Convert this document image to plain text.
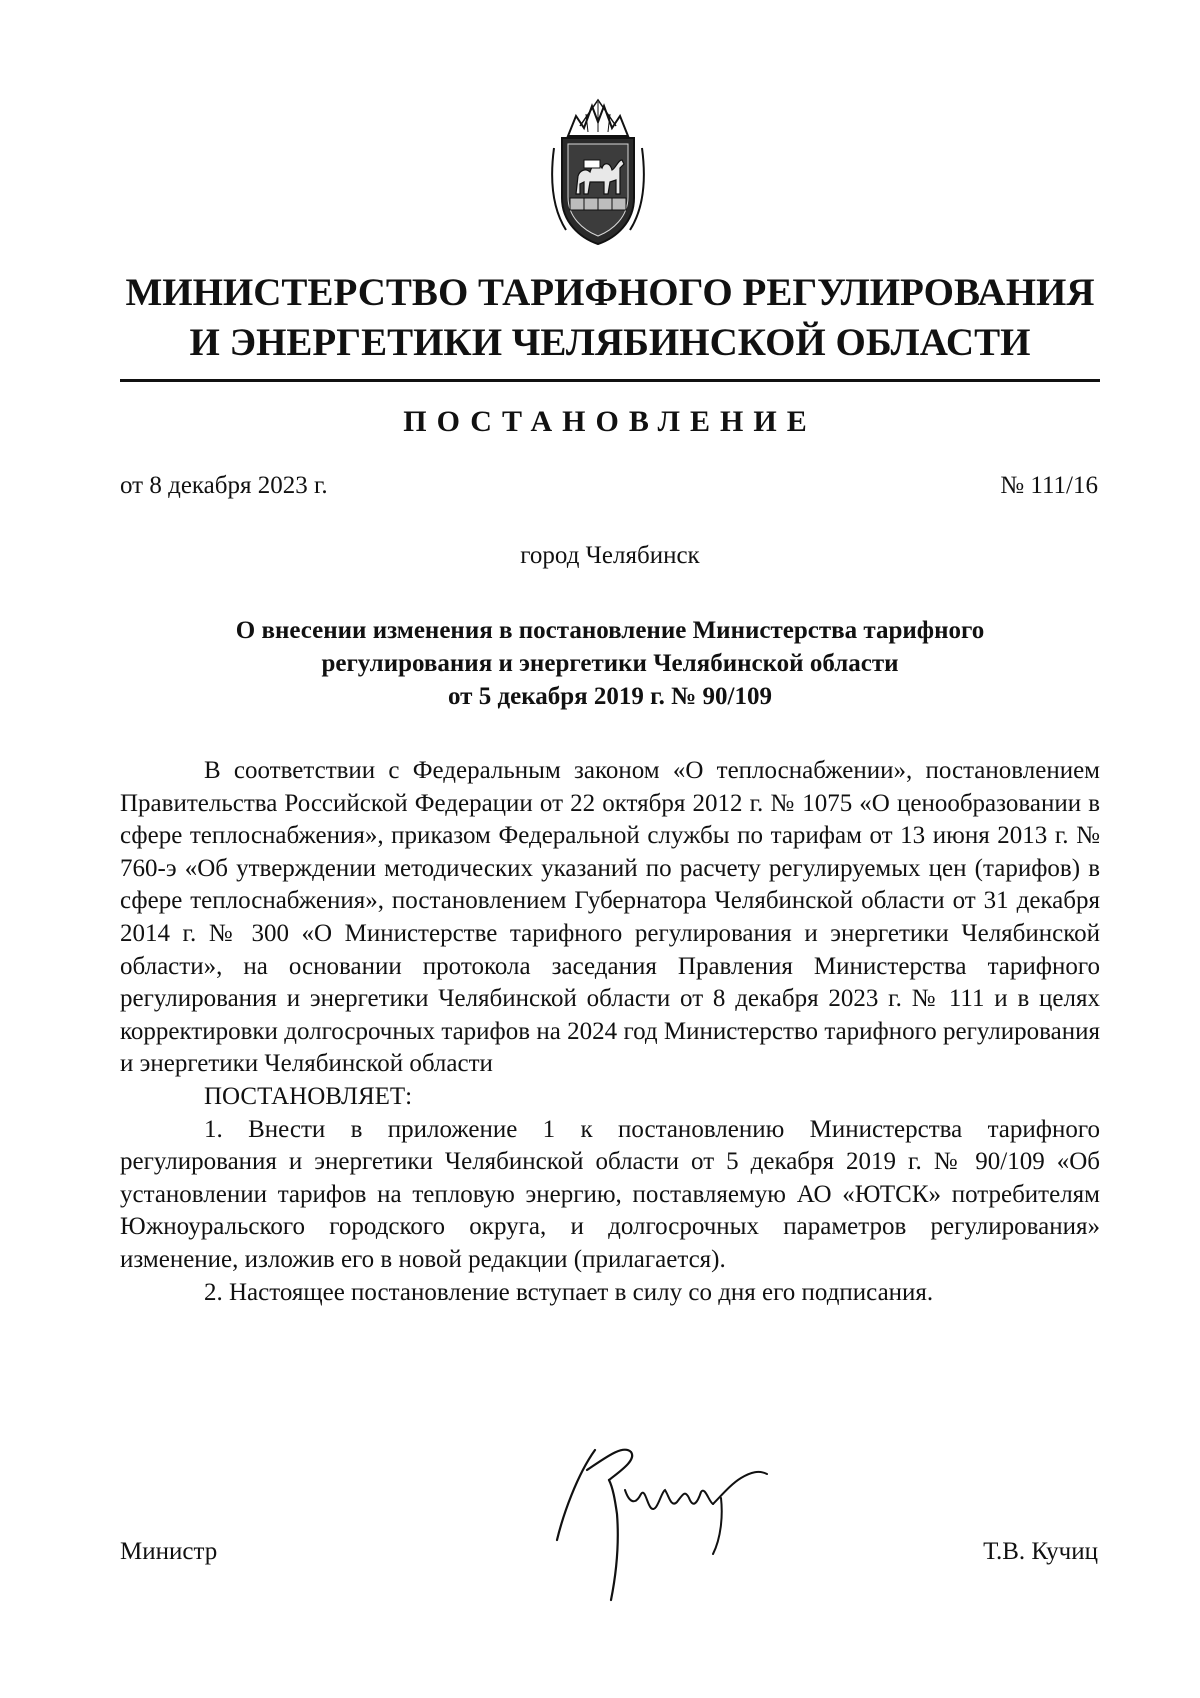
МИНИСТЕРСТВО ТАРИФНОГО РЕГУЛИРОВАНИЯ
И ЭНЕРГЕТИКИ ЧЕЛЯБИНСКОЙ ОБЛАСТИ
ПОСТАНОВЛЕНИЕ
от 8 декабря 2023 г.	№ 111/16
город Челябинск
О внесении изменения в постановление Министерства тарифного
регулирования и энергетики Челябинской области
от 5 декабря 2019 г. № 90/109

В соответствии с Федеральным законом «О теплоснабжении», постановлением Правительства Российской Федерации от 22 октября 2012 г. № 1075 «О ценообразовании в сфере теплоснабжения», приказом Федеральной службы по тарифам от 13 июня 2013 г. № 760-э «Об утверждении методических указаний по расчету регулируемых цен (тарифов) в сфере теплоснабжения», постановлением Губернатора Челябинской области от 31 декабря 2014 г. № 300 «О Министерстве тарифного регулирования и энергетики Челябинской области», на основании протокола заседания Правления Министерства тарифного регулирования и энергетики Челябинской области от 8 декабря 2023 г. № 111 и в целях корректировки долгосрочных тарифов на 2024 год Министерство тарифного регулирования и энергетики Челябинской области

ПОСТАНОВЛЯЕТ:

1. Внести в приложение 1 к постановлению Министерства тарифного регулирования и энергетики Челябинской области от 5 декабря 2019 г. № 90/109 «Об установлении тарифов на тепловую энергию, поставляемую АО «ЮТСК» потребителям Южноуральского городского округа, и долгосрочных параметров регулирования» изменение, изложив его в новой редакции (прилагается).

2. Настоящее постановление вступает в силу со дня его подписания.

Министр	Т.В. Кучиц
